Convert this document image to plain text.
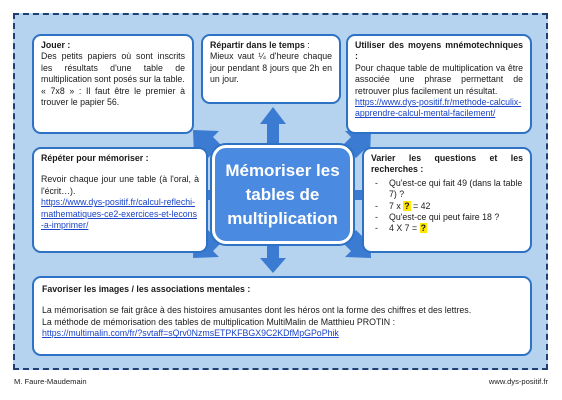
Jouer :
Des petits papiers où sont inscrits les résultats d'une table de multiplication sont posés sur la table.
« 7x8 » : Il faut être le premier à trouver le papier 56.
Répartir dans le temps :
Mieux vaut ¼ d'heure chaque jour pendant 8 jours que 2h en un jour.
Utiliser des moyens mnémotechniques :
Pour chaque table de multiplication va être associée une phrase permettant de retrouver plus facilement un résultat.
https://www.dys-positif.fr/methode-calculix-apprendre-calcul-mental-facilement/
Répéter pour mémoriser :
Revoir chaque jour une table (à l'oral, à l'écrit…).
https://www.dys-positif.fr/calcul-reflechi-mathematiques-ce2-exercices-et-lecons-a-imprimer/
Varier les questions et les recherches :
- Qu'est-ce qui fait 49 (dans la table 7) ?
- 7 x ? = 42
- Qu'est-ce qui peut faire 18 ?
- 4 X 7 = ?
Mémoriser les
tables de
multiplication
Favoriser les images / les associations mentales :
La mémorisation se fait grâce à des histoires amusantes dont les héros ont la forme des chiffres et des lettres.
La méthode de mémorisation des tables de multiplication MultiMalin de Matthieu PROTIN :
https://multimalin.com/fr/?svtaff=sQrv0NzmsETPKFBGX9C2KDfMpGPoPhik
M. Faure-Maudemain	www.dys-positif.fr
